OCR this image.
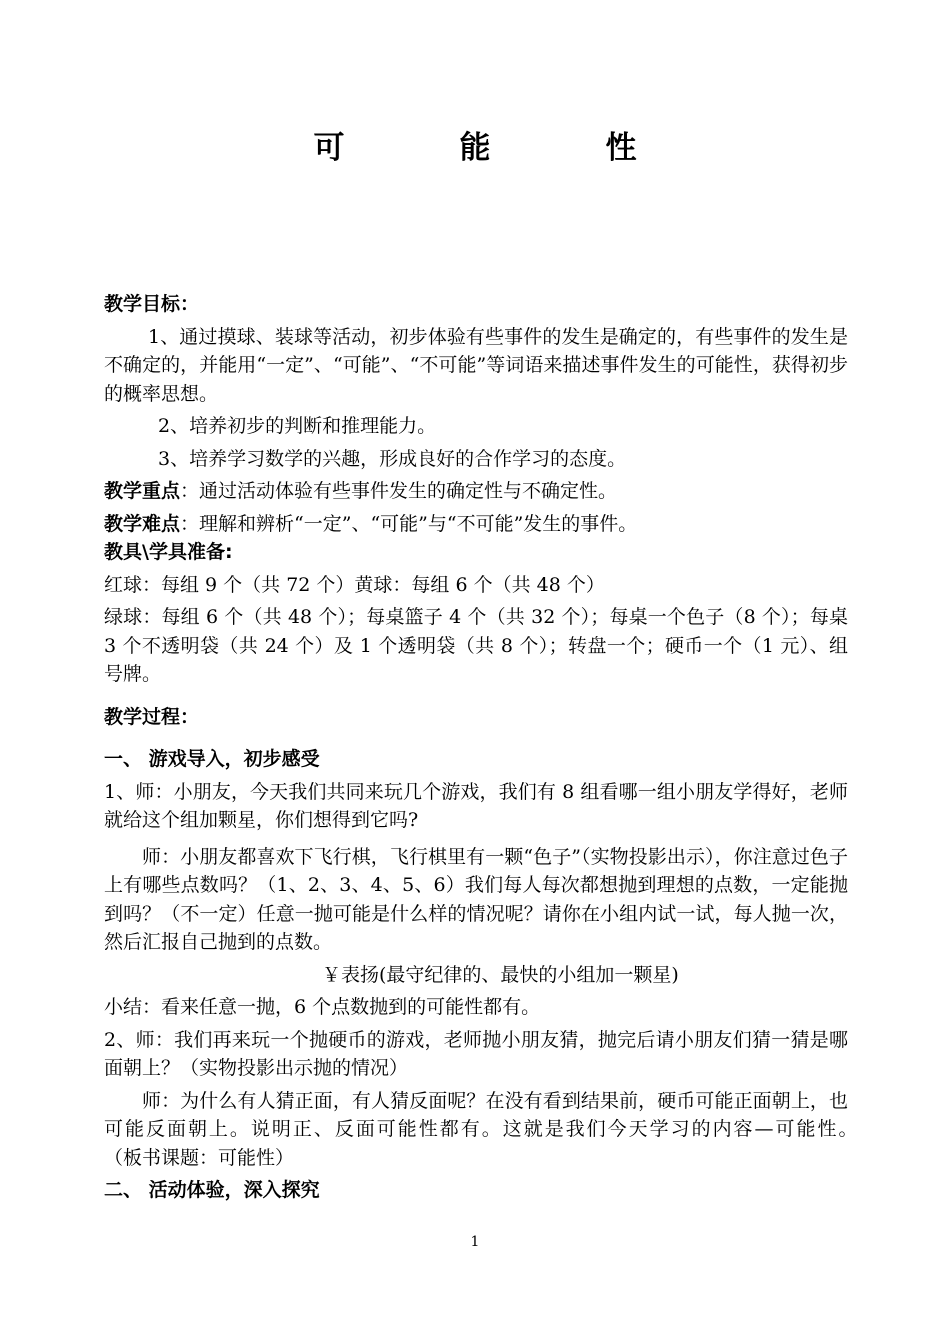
可　能　性

教学目标：

1、通过摸球、装球等活动，初步体验有些事件的发生是确定的，有些事件的发生是不确定的，并能用“一定”、“可能”、“不可能”等词语来描述事件发生的可能性，获得初步的概率思想。

2、培养初步的判断和推理能力。

3、培养学习数学的兴趣，形成良好的合作学习的态度。

教学重点：通过活动体验有些事件发生的确定性与不确定性。

教学难点：理解和辨析“一定”、“可能”与“不可能”发生的事件。

教具\学具准备:

红球：每组 9 个（共 72 个）黄球：每组 6 个（共 48 个）

绿球：每组 6 个（共 48 个）；每桌篮子 4 个（共 32 个）；每桌一个色子（8 个）；每桌 3 个不透明袋（共 24 个）及 1 个透明袋（共 8 个）；转盘一个；硬币一个（1 元）、组号牌。

教学过程：

一、 游戏导入，初步感受

1、师：小朋友，今天我们共同来玩几个游戏，我们有 8 组看哪一组小朋友学得好，老师就给这个组加颗星，你们想得到它吗?

师：小朋友都喜欢下飞行棋，飞行棋里有一颗“色子”（实物投影出示），你注意过色子上有哪些点数吗？（1、2、3、4、5、6）我们每人每次都想抛到理想的点数，一定能抛到吗？（不一定）任意一抛可能是什么样的情况呢？请你在小组内试一试，每人抛一次，然后汇报自己抛到的点数。

￥表扬(最守纪律的、最快的小组加一颗星)

小结：看来任意一抛，6 个点数抛到的可能性都有。

2、师：我们再来玩一个抛硬币的游戏，老师抛小朋友猜，抛完后请小朋友们猜一猜是哪面朝上？（实物投影出示抛的情况）

师：为什么有人猜正面，有人猜反面呢？在没有看到结果前，硬币可能正面朝上，也可能反面朝上。说明正、反面可能性都有。这就是我们今天学习的内容—可能性。　　　（板书课题：可能性）

二、 活动体验，深入探究

1
